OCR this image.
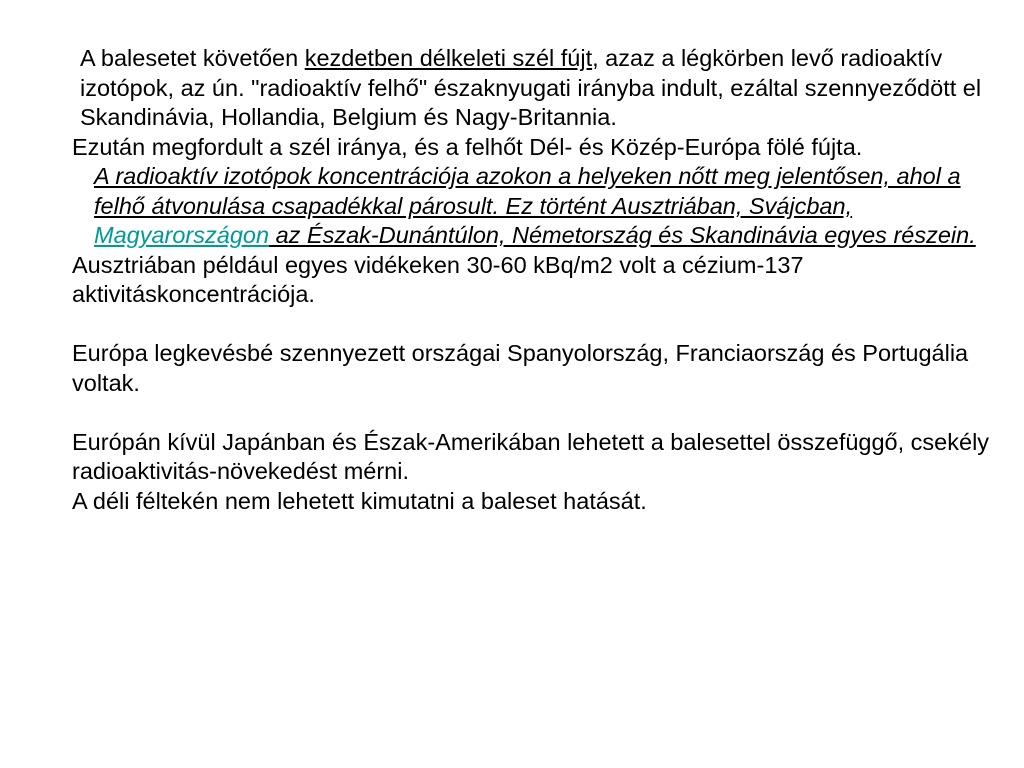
A balesetet követően kezdetben délkeleti szél fújt, azaz a légkörben levő radioaktív izotópok, az ún. "radioaktív felhő" északnyugati irányba indult, ezáltal szennyeződött el Skandinávia, Hollandia, Belgium és Nagy-Britannia.

Ezután megfordult a szél iránya, és a felhőt Dél- és Közép-Európa fölé fújta.

A radioaktív izotópok koncentrációja azokon a helyeken nőtt meg jelentősen, ahol a felhő átvonulása csapadékkal párosult. Ez történt Ausztriában, Svájcban, Magyarországon az Észak-Dunántúlon, Németország és Skandinávia egyes részein.

Ausztriában például egyes vidékeken 30-60 kBq/m2 volt a cézium-137 aktivitáskoncentrációja.

Európa legkevésbé szennyezett országai Spanyolország, Franciaország és Portugália voltak.

Európán kívül Japánban és Észak-Amerikában lehetett a balesettel összefüggő, csekély radioaktivitás-növekedést mérni.

A déli féltekén nem lehetett kimutatni a baleset hatását.
